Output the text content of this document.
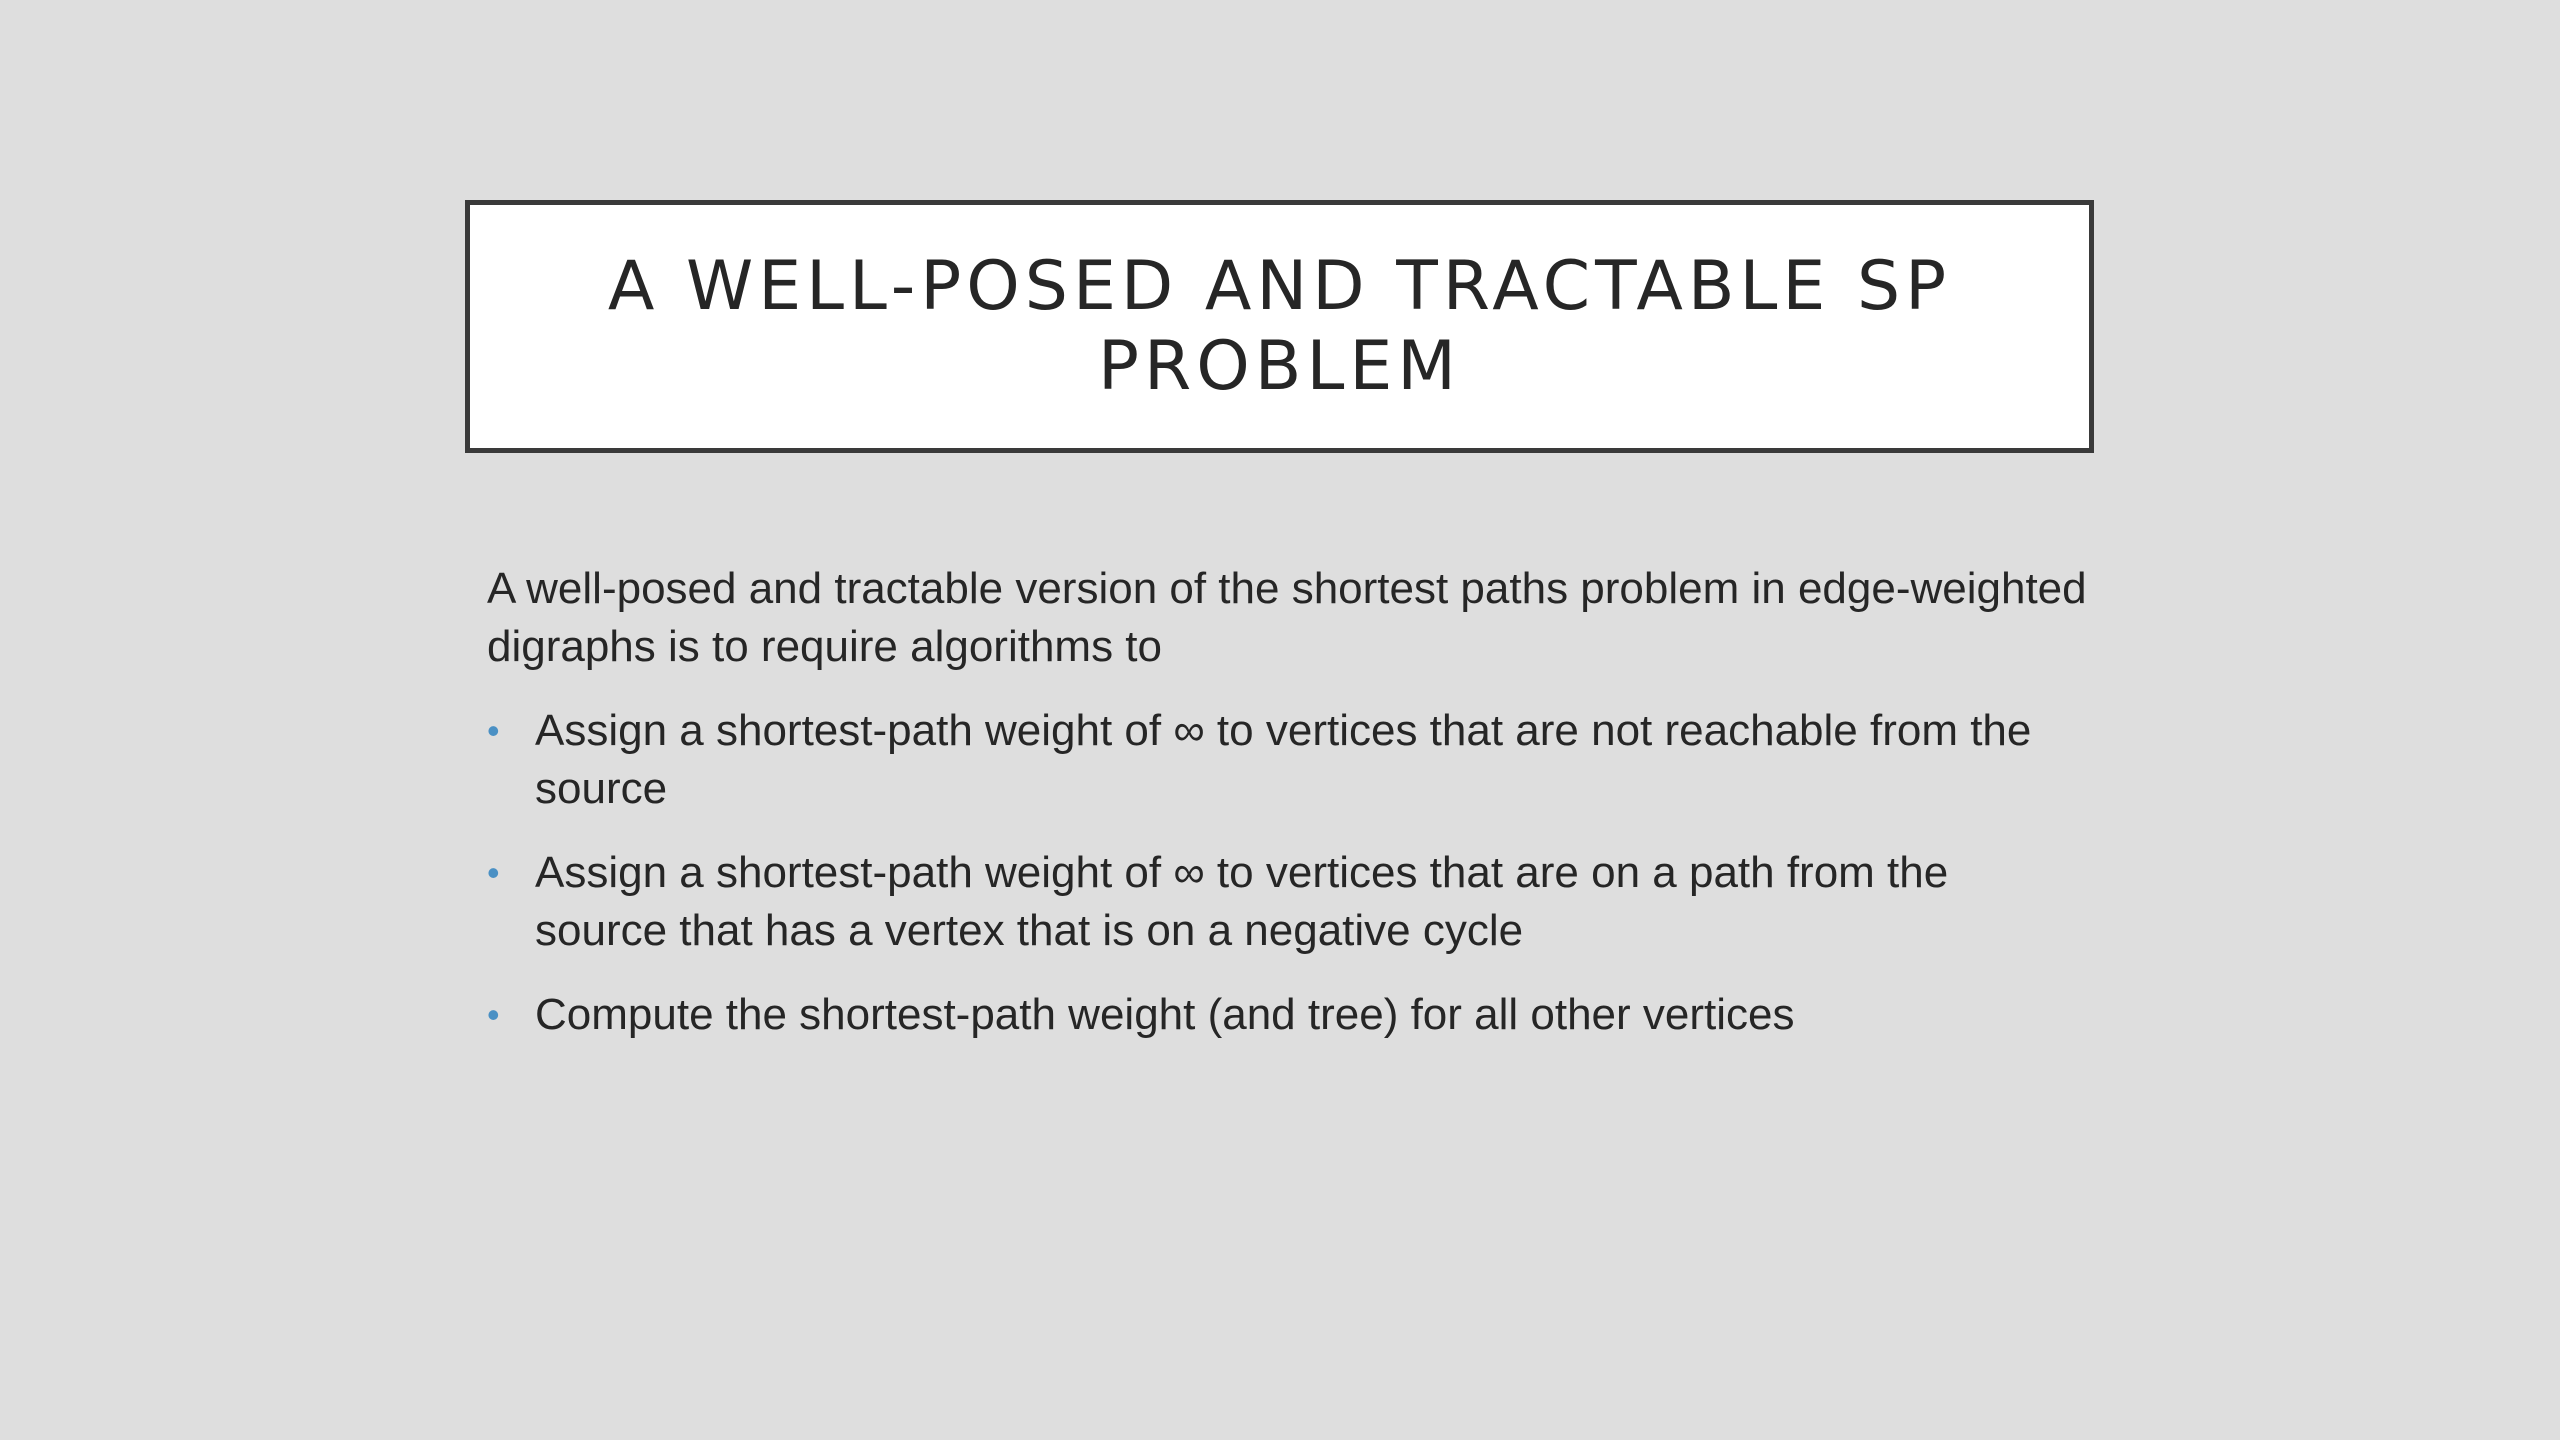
A WELL-POSED AND TRACTABLE SP PROBLEM

A well-posed and tractable version of the shortest paths problem in edge-weighted digraphs is to require algorithms to

• Assign a shortest-path weight of ∞ to vertices that are not reachable from the source
• Assign a shortest-path weight of ∞ to vertices that are on a path from the source that has a vertex that is on a negative cycle
• Compute the shortest-path weight (and tree) for all other vertices
